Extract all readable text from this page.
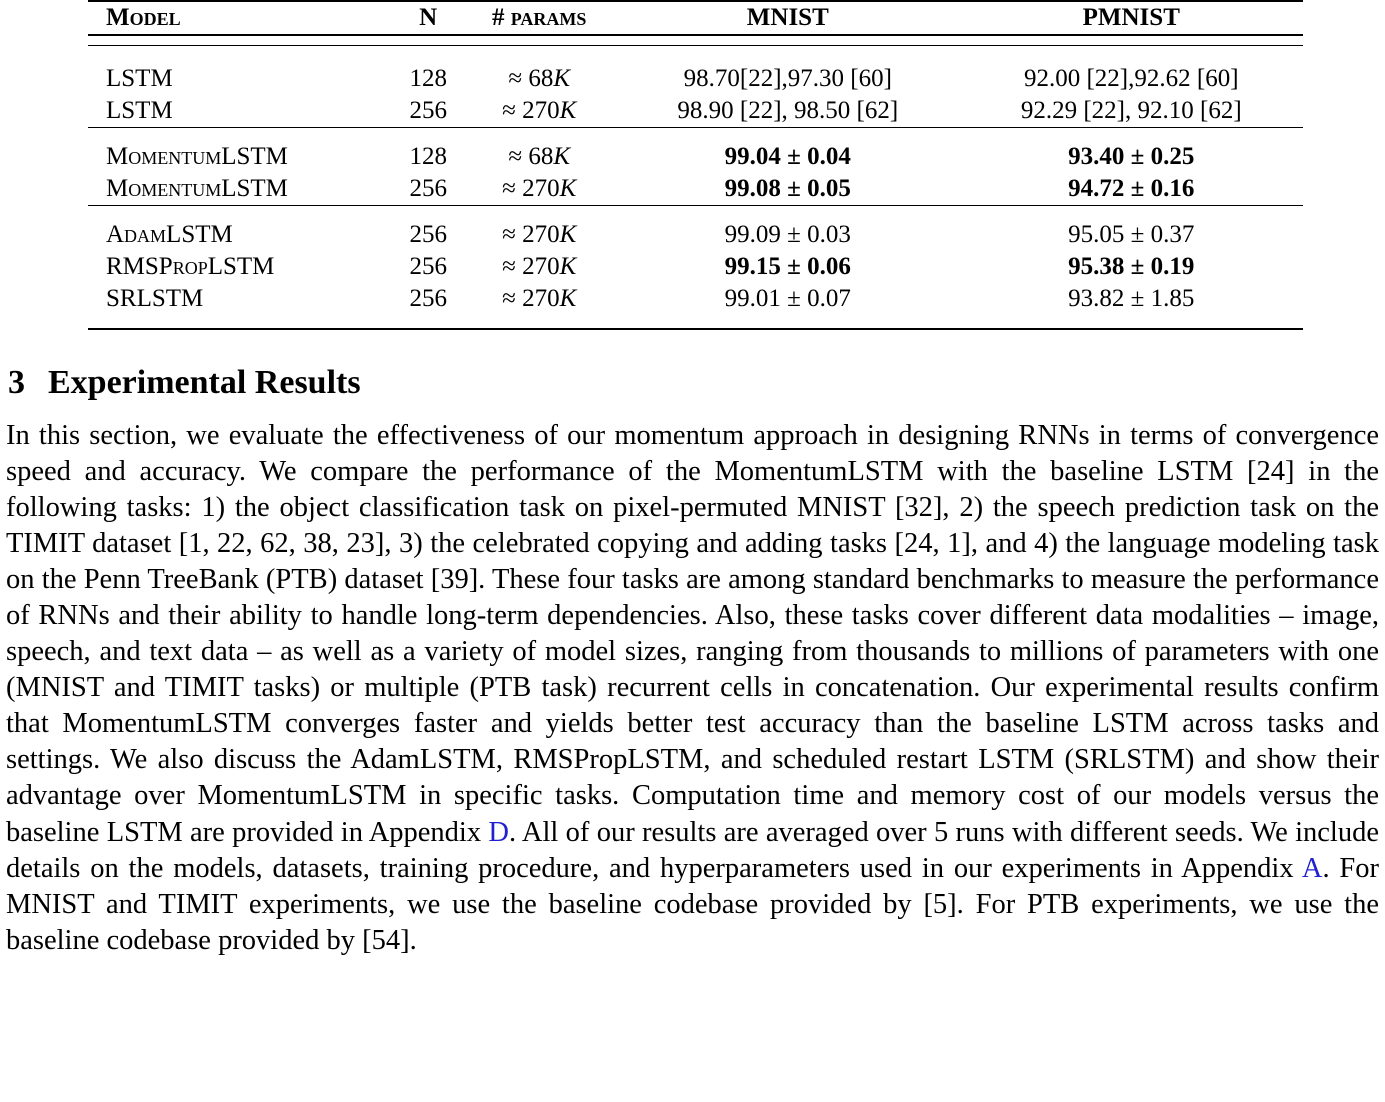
Model	N	# params	MNIST	PMNIST

LSTM	128	≈ 68K	98.70[22],97.30 [60]	92.00 [22],92.62 [60]
LSTM	256	≈ 270K	98.90 [22], 98.50 [62]	92.29 [22], 92.10 [62]

MomentumLSTM	128	≈ 68K	99.04 ± 0.04	93.40 ± 0.25
MomentumLSTM	256	≈ 270K	99.08 ± 0.05	94.72 ± 0.16

AdamLSTM	256	≈ 270K	99.09 ± 0.03	95.05 ± 0.37
RMSPropLSTM	256	≈ 270K	99.15 ± 0.06	95.38 ± 0.19
SRLSTM	256	≈ 270K	99.01 ± 0.07	93.82 ± 1.85

3 Experimental Results

In this section, we evaluate the effectiveness of our momentum approach in designing RNNs in terms of convergence speed and accuracy. We compare the performance of the MomentumLSTM with the baseline LSTM [24] in the following tasks: 1) the object classification task on pixel-permuted MNIST [32], 2) the speech prediction task on the TIMIT dataset [1, 22, 62, 38, 23], 3) the celebrated copying and adding tasks [24, 1], and 4) the language modeling task on the Penn TreeBank (PTB) dataset [39]. These four tasks are among standard benchmarks to measure the performance of RNNs and their ability to handle long-term dependencies. Also, these tasks cover different data modalities – image, speech, and text data – as well as a variety of model sizes, ranging from thousands to millions of parameters with one (MNIST and TIMIT tasks) or multiple (PTB task) recurrent cells in concatenation. Our experimental results confirm that MomentumLSTM converges faster and yields better test accuracy than the baseline LSTM across tasks and settings. We also discuss the AdamLSTM, RMSPropLSTM, and scheduled restart LSTM (SRLSTM) and show their advantage over MomentumLSTM in specific tasks. Computation time and memory cost of our models versus the baseline LSTM are provided in Appendix D. All of our results are averaged over 5 runs with different seeds. We include details on the models, datasets, training procedure, and hyperparameters used in our experiments in Appendix A. For MNIST and TIMIT experiments, we use the baseline codebase provided by [5]. For PTB experiments, we use the baseline codebase provided by [54].
